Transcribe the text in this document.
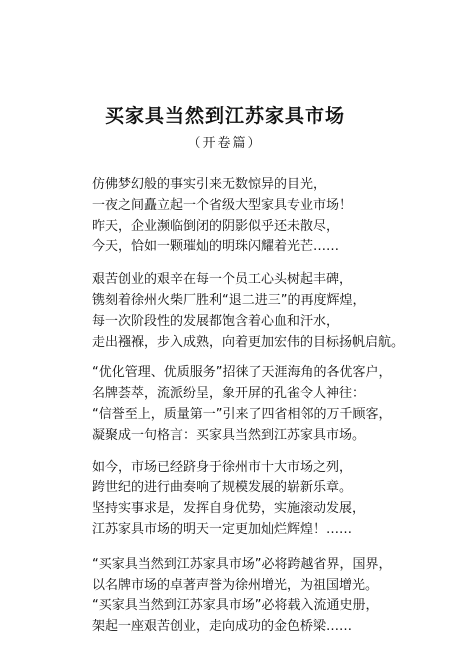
买家具当然到江苏家具市场
（开卷篇）
仿佛梦幻般的事实引来无数惊异的目光，
一夜之间矗立起一个省级大型家具专业市场！
昨天，企业濒临倒闭的阴影似乎还未散尽，
今天，恰如一颗璀灿的明珠闪耀着光芒……
艰苦创业的艰辛在每一个员工心头树起丰碑，
镌刻着徐州火柴厂胜利“退二进三”的再度辉煌，
每一次阶段性的发展都饱含着心血和汗水，
走出襁褓，步入成熟，向着更加宏伟的目标扬帆启航。
“优化管理、优质服务”招徕了天涯海角的各优客户，
名牌荟萃，流派纷呈，象开屏的孔雀令人神往：
“信誉至上，质量第一”引来了四省相邻的万千顾客，
凝聚成一句格言：买家具当然到江苏家具市场。
如今，市场已经跻身于徐州市十大市场之列，
跨世纪的进行曲奏响了规模发展的崭新乐章。
坚持实事求是，发挥自身优势，实施滚动发展，
江苏家具市场的明天一定更加灿烂辉煌！……
“买家具当然到江苏家具市场”必将跨越省界，国界，
以名牌市场的卓著声誉为徐州增光，为祖国增光。
“买家具当然到江苏家具市场”必将载入流通史册，
架起一座艰苦创业，走向成功的金色桥梁……
